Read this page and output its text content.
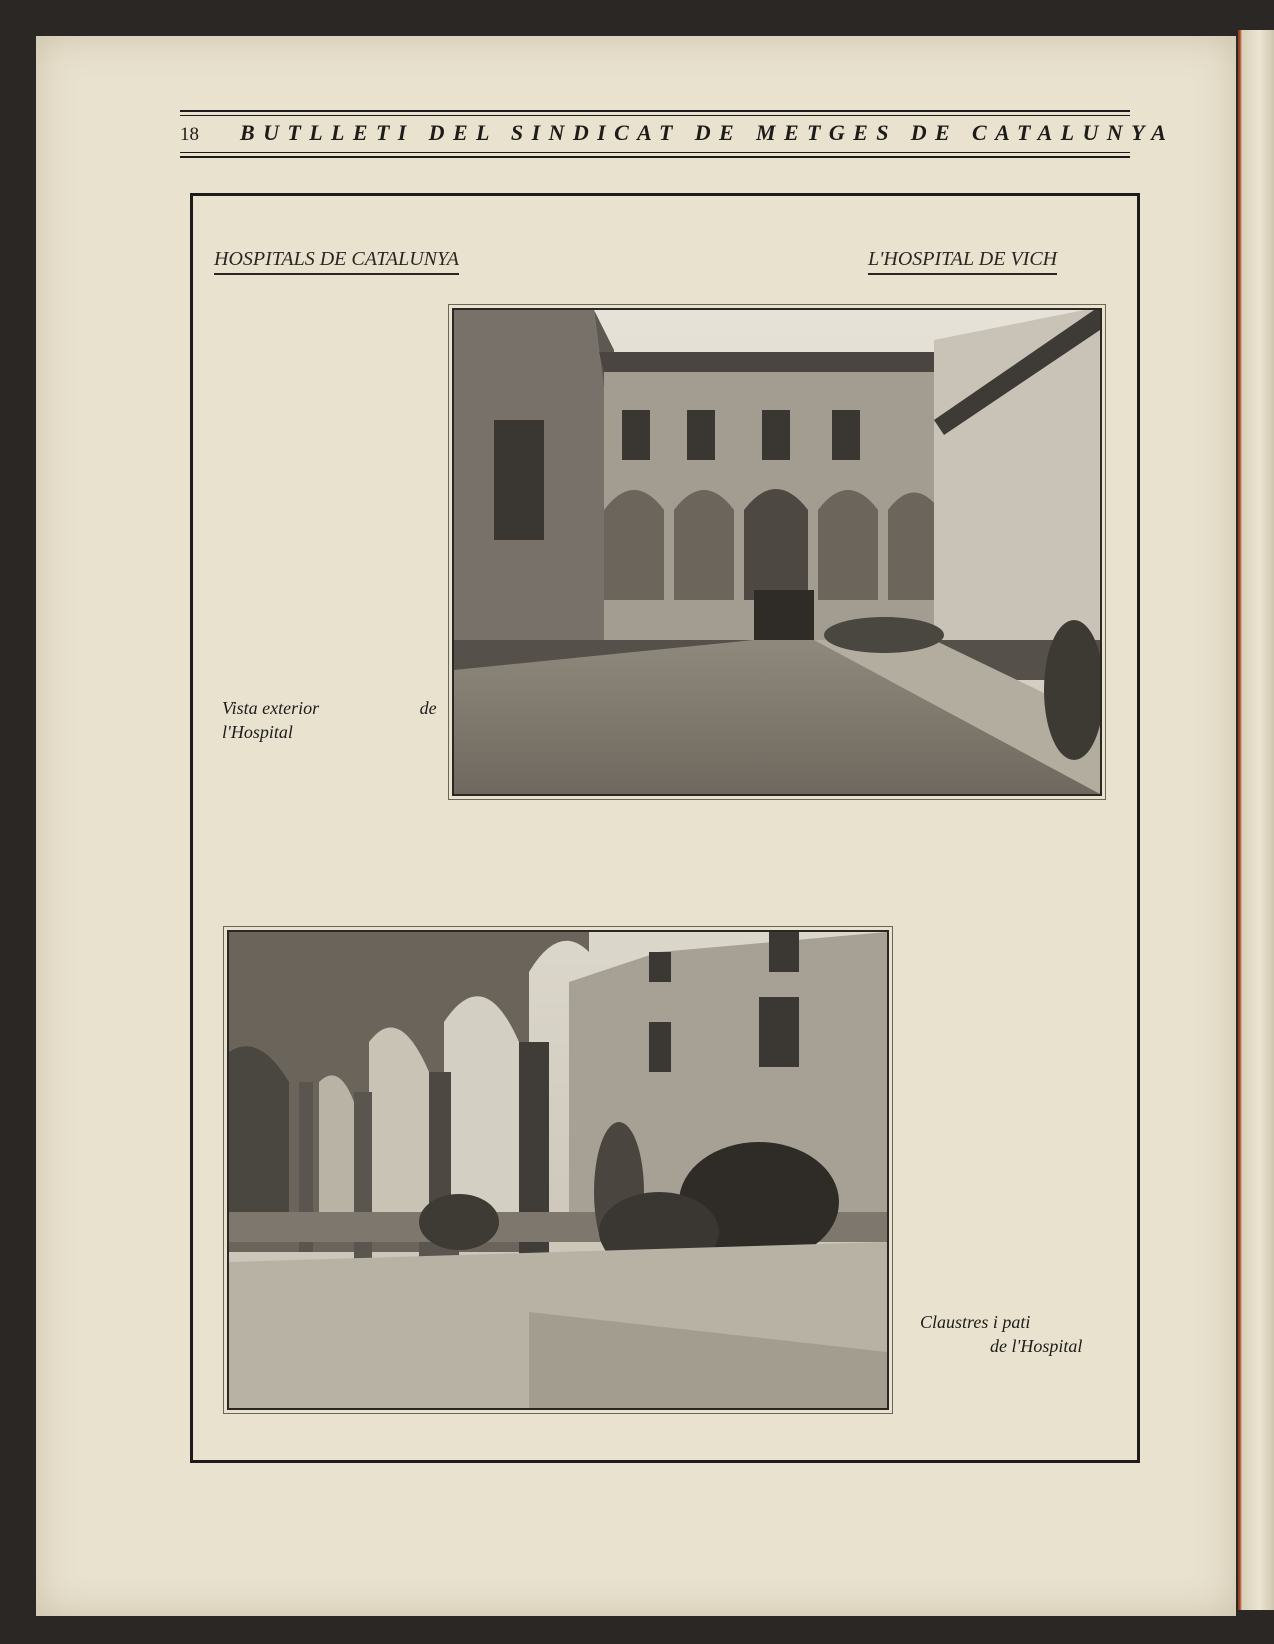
18 BUTLLETI DEL SINDICAT DE METGES DE CATALUNYA
HOSPITALS DE CATALUNYA	L'HOSPITAL DE VICH
Vista exterior	de l'Hospital
Claustres i pati de l'Hospital
